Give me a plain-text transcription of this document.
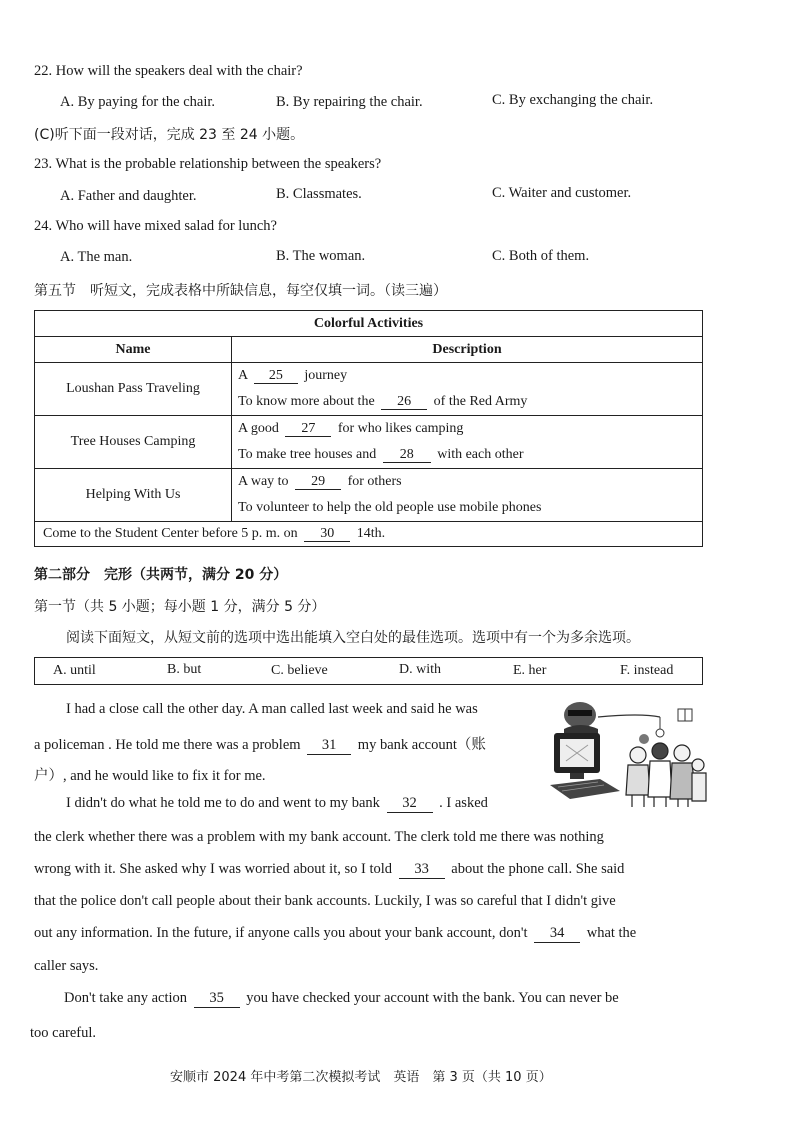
22. How will the speakers deal with the chair?
A. By paying for the chair.	B. By repairing the chair.	C. By exchanging the chair.
(C)听下面一段对话，完成 23 至 24 小题。
23. What is the probable relationship between the speakers?
A. Father and daughter.	B. Classmates.	C. Waiter and customer.
24. Who will have mixed salad for lunch?
A. The man.	B. The woman.	C. Both of them.
第五节　听短文，完成表格中所缺信息，每空仅填一词。（读三遍）
Colorful Activities	
Name	Description
Loushan Pass Traveling	A 25 journey
To know more about the 26 of the Red Army

Tree Houses Camping	A good 27 for who likes camping
To make tree houses and 28 with each other

Helping With Us	A way to 29 for others
To volunteer to help the old people use mobile phones

Come to the Student Center before 5 p. m. on 30 14th.	
第二部分　完形（共两节，满分 20 分）
第一节（共 5 小题；每小题 1 分，满分 5 分）
阅读下面短文，从短文前的选项中选出能填入空白处的最佳选项。选项中有一个为多余选项。
A. until	B. but	C. believe	D. with	E. her	F. instead
I had a close call the other day. A man called last week and said he was
a policeman . He told me there was a problem 31 my bank account（账
户）, and he would like to fix it for me.
I didn't do what he told me to do and went to my bank 32 . I asked
the clerk whether there was a problem with my bank account. The clerk told me there was nothing
wrong with it. She asked why I was worried about it, so I told 33 about the phone call. She said
that the police don't call people about their bank accounts. Luckily, I was so careful that I didn't give
out any information. In the future, if anyone calls you about your bank account, don't 34 what the
caller says.
Don't take any action 35 you have checked your account with the bank. You can never be
too careful.
安顺市 2024 年中考第二次模拟考试　英语　第 3 页（共 10 页）
